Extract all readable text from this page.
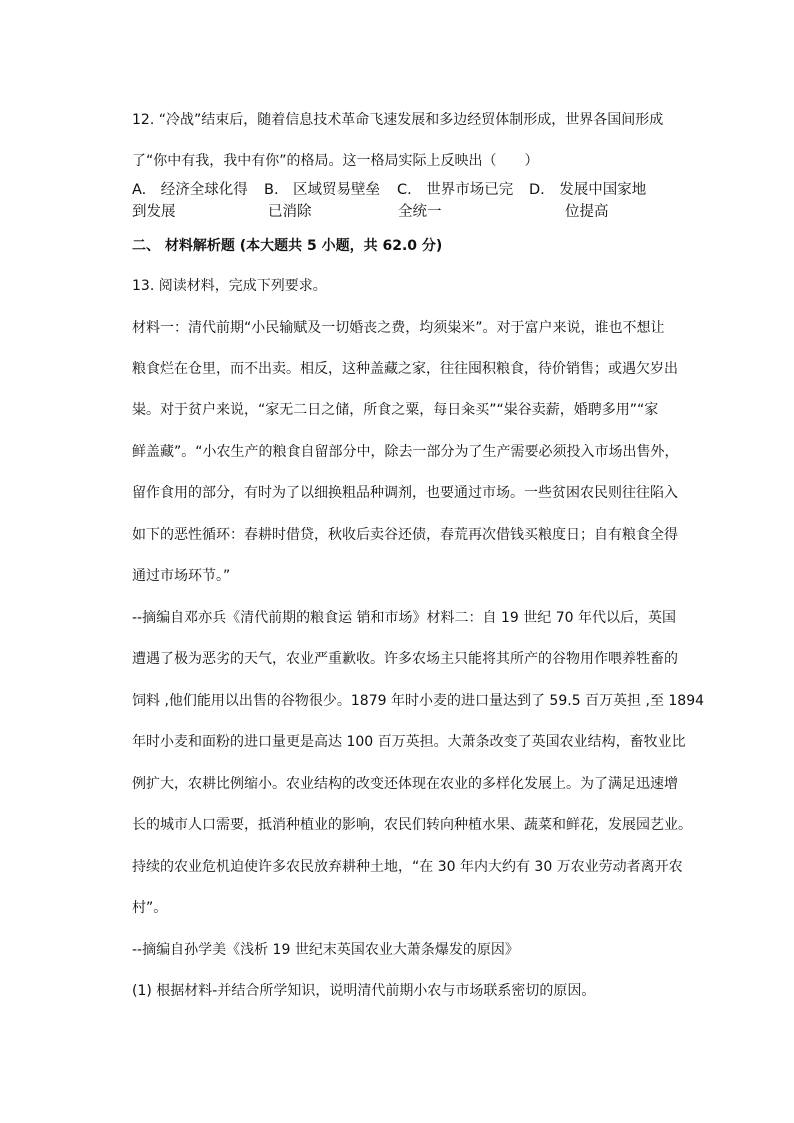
12. “冷战”结束后，随着信息技术革命飞速发展和多边经贸体制形成，世界各国间形成
了“你中有我，我中有你”的格局。这一格局实际上反映出（　　）
A.　经济全球化得
到发展
B.　区域贸易壁垒
已消除
C.　世界市场已完
全统一
D.　发展中国家地
位提高
二、 材料解析题 (本大题共 5 小题，共 62.0 分)
13. 阅读材料，完成下列要求。
材料一：清代前期“小民输赋及一切婚丧之费，均须粜米”。对于富户来说，谁也不想让
粮食烂在仓里，而不出卖。相反，这种盖藏之家，往往囤积粮食，待价销售；或遇欠岁出
粜。对于贫户来说，“家无二日之储，所食之粟，每日籴买”“粜谷卖薪，婚聘多用”“家
鲜盖藏”。“小农生产的粮食自留部分中，除去一部分为了生产需要必须投入市场出售外，
留作食用的部分，有时为了以细换粗品种调剂，也要通过市场。一些贫困农民则往往陷入
如下的恶性循环：春耕时借贷，秋收后卖谷还债，春荒再次借钱买粮度日；自有粮食全得
通过市场环节。”
--摘编自邓亦兵《清代前期的粮食运 销和市场》材料二：自 19 世纪 70 年代以后，英国
遭遇了极为恶劣的天气，农业严重歉收。许多农场主只能将其所产的谷物用作喂养牲畜的
饲料 ,他们能用以出售的谷物很少。1879 年时小麦的进口量达到了 59.5 百万英担 ,至 1894
年时小麦和面粉的进口量更是高达 100 百万英担。大萧条改变了英国农业结构，畜牧业比
例扩大，农耕比例缩小。农业结构的改变还体现在农业的多样化发展上。为了满足迅速增
长的城市人口需要，抵消种植业的影响，农民们转向种植水果、蔬菜和鲜花，发展园艺业。
持续的农业危机迫使许多农民放弃耕种土地，“在 30 年内大约有 30 万农业劳动者离开农
村”。
--摘编自孙学美《浅析 19 世纪末英国农业大萧条爆发的原因》
(1) 根据材料-并结合所学知识，说明清代前期小农与市场联系密切的原因。
